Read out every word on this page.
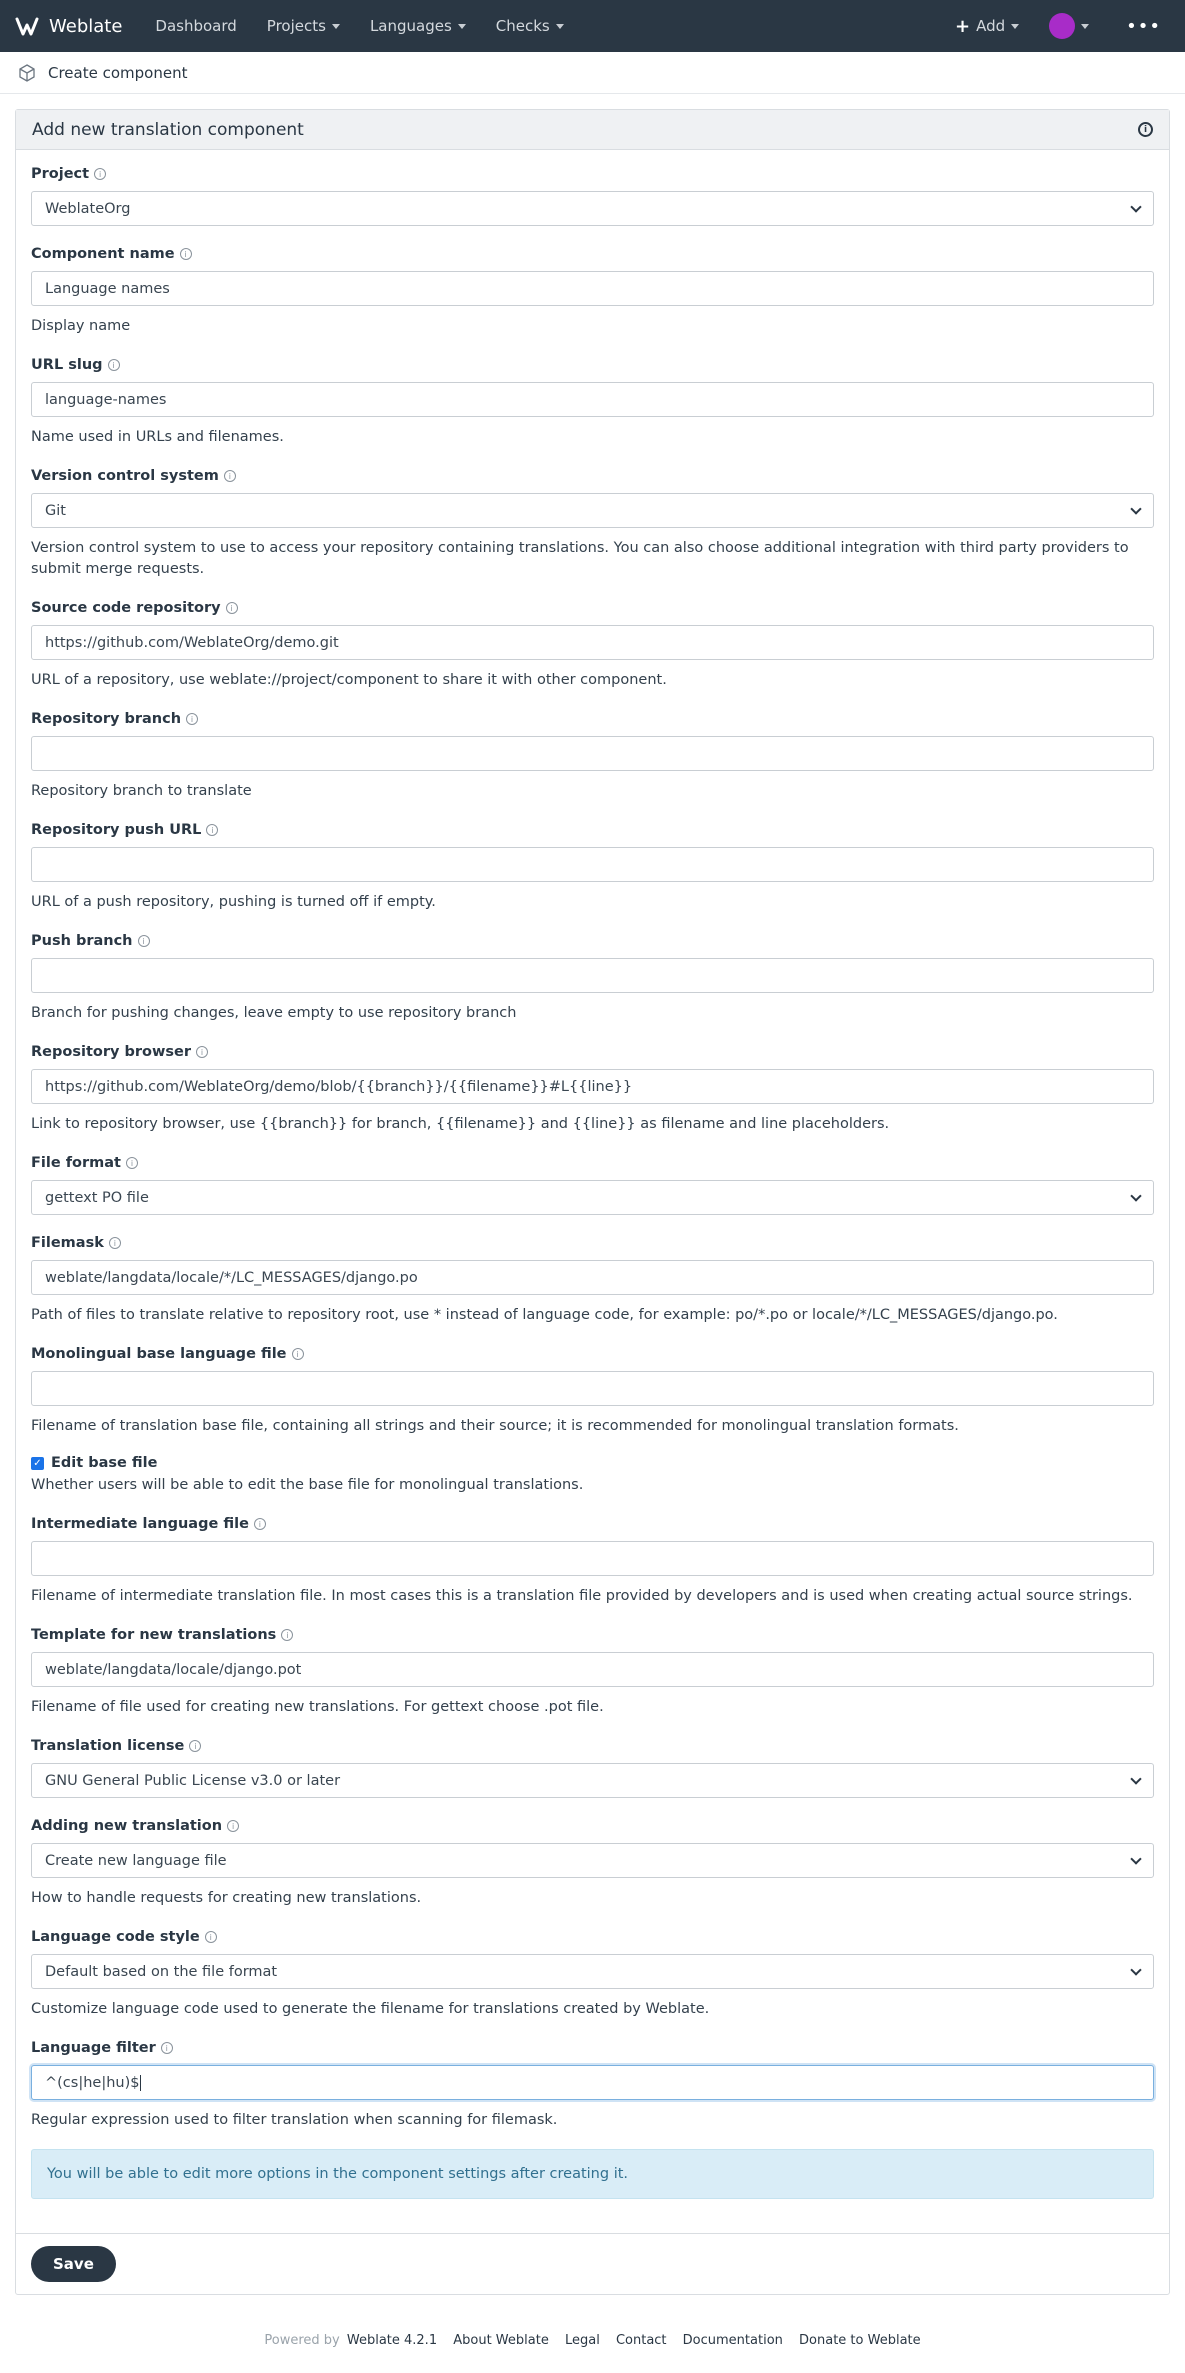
Weblate Dashboard Projects	Languages	Checks	+ Add	•••
Create component
Add new translation component	i
Project	i
WeblateOrg
Component name	i
Language names
Display name
URL slug	i
language-names
Name used in URLs and filenames.
Version control system	i
Git
Version control system to use to access your repository containing translations. You can also choose additional integration with third party providers to submit merge requests.
Source code repository	i
https://github.com/WeblateOrg/demo.git
URL of a repository, use weblate://project/component to share it with other component.
Repository branch	i
Repository branch to translate
Repository push URL	i
URL of a push repository, pushing is turned off if empty.
Push branch	i
Branch for pushing changes, leave empty to use repository branch
Repository browser	i
https://github.com/WeblateOrg/demo/blob/{{branch}}/{{filename}}#L{{line}}
Link to repository browser, use {{branch}} for branch, {{filename}} and {{line}} as filename and line placeholders.
File format	i
gettext PO file
Filemask	i
weblate/langdata/locale/*/LC_MESSAGES/django.po
Path of files to translate relative to repository root, use * instead of language code, for example: po/*.po or locale/*/LC_MESSAGES/django.po.
Monolingual base language file	i
Filename of translation base file, containing all strings and their source; it is recommended for monolingual translation formats.
✓ Edit base file
Whether users will be able to edit the base file for monolingual translations.
Intermediate language file	i
Filename of intermediate translation file. In most cases this is a translation file provided by developers and is used when creating actual source strings.
Template for new translations	i
weblate/langdata/locale/django.pot
Filename of file used for creating new translations. For gettext choose .pot file.
Translation license	i
GNU General Public License v3.0 or later
Adding new translation	i
Create new language file
How to handle requests for creating new translations.
Language code style	i
Default based on the file format
Customize language code used to generate the filename for translations created by Weblate.
Language filter	i
^(cs|he|hu)$
Regular expression used to filter translation when scanning for filemask.
You will be able to edit more options in the component settings after creating it.
Save
Powered by Weblate 4.2.1 About Weblate Legal Contact Documentation Donate to Weblate
